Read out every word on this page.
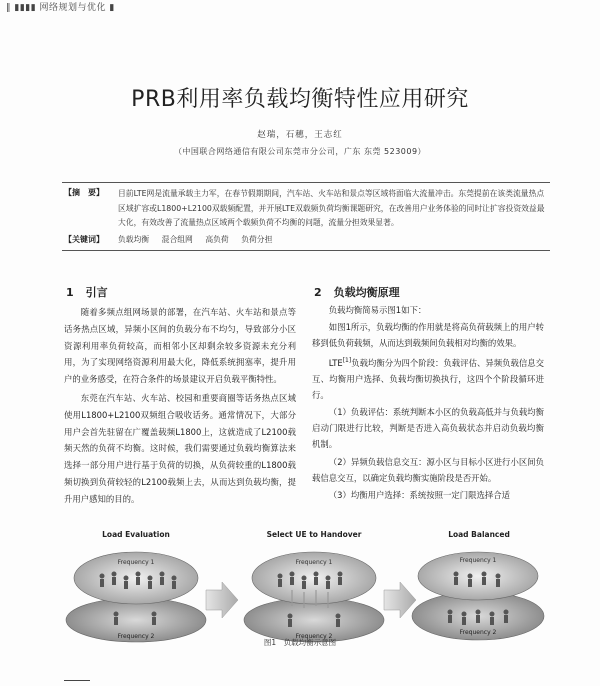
‖ ▮▮▮▮ 网络规划与优化 ▮
PRB利用率负载均衡特性应用研究
赵瑞，石穗，王志红
（中国联合网络通信有限公司东莞市分公司，广东 东莞 523009）
【摘　要】 目前LTE网是流量承载主力军，在春节假期期间，汽车站、火车站和景点等区域将面临大流量冲击。东莞提前在该类流量热点区域扩容或L1800+L2100双载频配置，并开展LTE双载频负荷均衡课题研究，在改善用户业务体验的同时让扩容投资效益最大化，有效改善了流量热点区域两个载频负荷不均衡的问题，流量分担效果显著。
【关键词】 负载均衡 混合组网 高负荷 负荷分担
1 引言	2 负载均衡原理

随着多频点组网场景的部署，在汽车站、火车站和景点等话务热点区域，异频小区间的负载分布不均匀，导致部分小区资源利用率负荷较高，而相邻小区却剩余较多资源未充分利用，为了实现网络资源利用最大化，降低系统拥塞率，提升用户的业务感受，在符合条件的场景建议开启负载平衡特性。

东莞在汽车站、火车站、校园和重要商圈等话务热点区域使用L1800+L2100双频组合吸收话务。通常情况下，大部分用户会首先驻留在广覆盖载频L1800上，这就造成了L2100载频天然的负荷不均衡。这时候，我们需要通过负载均衡算法来选择一部分用户进行基于负荷的切换，从负荷较重的L1800载频切换到负荷较轻的L2100载频上去，从而达到负载均衡，提升用户感知的目的。

负载均衡简易示图1如下：

如图1所示，负载均衡的作用就是将高负荷载频上的用户转移到低负荷载频，从而达到载频间负载相对均衡的效果。

LTE[1]负载均衡分为四个阶段：负载评估、异频负载信息交互、均衡用户选择、负载均衡切换执行，这四个个阶段循环进行。

（1）负载评估：系统判断本小区的负载高低并与负载均衡启动门限进行比较，判断是否进入高负载状态并启动负载均衡机制。

（2）异频负载信息交互：源小区与目标小区进行小区间负载信息交互，以确定负载均衡实施阶段是否开始。

（3）均衡用户选择：系统按照一定门限选择合适

Frequency 1
Frequency 2
Frequency 1
Frequency 2
Frequency 1
Frequency 2
Load Evaluation	Select UE to Handover	Load Balanced
图1　负载均衡示意图
